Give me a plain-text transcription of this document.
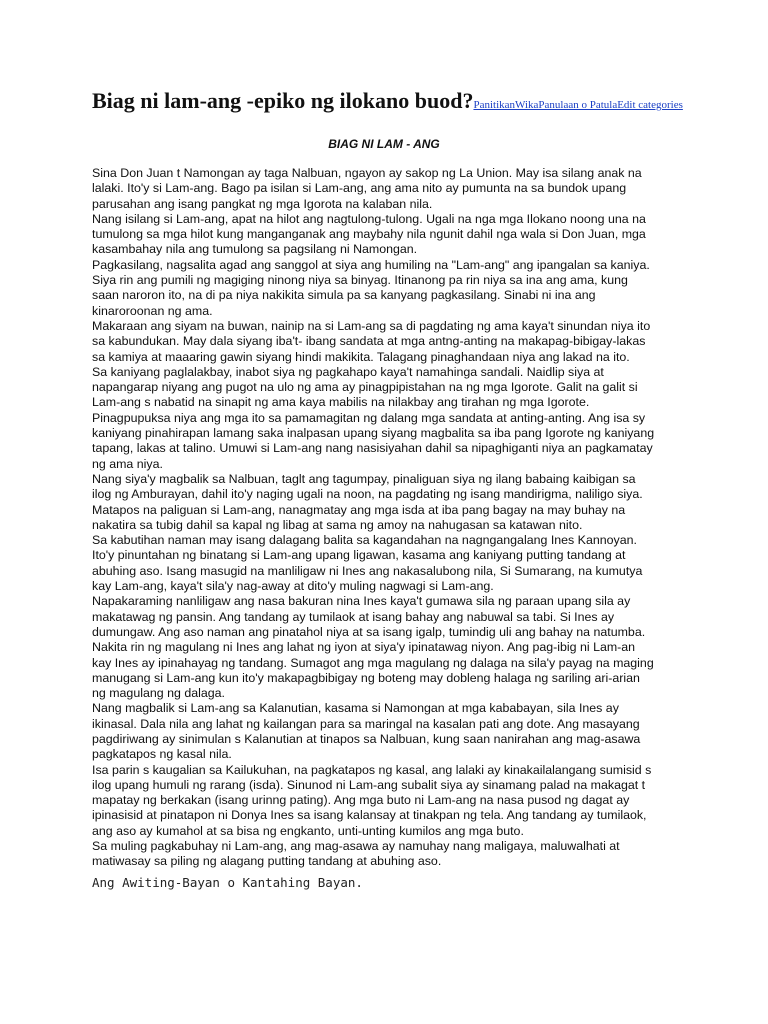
Biag ni lam-ang -epiko ng ilokano buod?PanitikanWikaPanulaan o PatulaEdit categories
BIAG NI LAM - ANG
Sina Don Juan t Namongan ay taga Nalbuan, ngayon ay sakop ng La Union. May isa silang anak na
lalaki. Ito'y si Lam-ang. Bago pa isilan si Lam-ang, ang ama nito ay pumunta na sa bundok upang
parusahan ang isang pangkat ng mga Igorota na kalaban nila.
Nang isilang si Lam-ang, apat na hilot ang nagtulong-tulong. Ugali na nga mga Ilokano noong una na
tumulong sa mga hilot kung manganganak ang maybahy nila ngunit dahil nga wala si Don Juan, mga
kasambahay nila ang tumulong sa pagsilang ni Namongan.
Pagkasilang, nagsalita agad ang sanggol at siya ang humiling na "Lam-ang" ang ipangalan sa kaniya.
Siya rin ang pumili ng magiging ninong niya sa binyag. Itinanong pa rin niya sa ina ang ama, kung
saan naroron ito, na di pa niya nakikita simula pa sa kanyang pagkasilang. Sinabi ni ina ang
kinaroroonan ng ama.
Makaraan ang siyam na buwan, nainip na si Lam-ang sa di pagdating ng ama kaya't sinundan niya ito
sa kabundukan. May dala siyang iba't- ibang sandata at mga antng-anting na makapag-bibigay-lakas
sa kamiya at maaaring gawin siyang hindi makikita. Talagang pinaghandaan niya ang lakad na ito.
Sa kaniyang paglalakbay, inabot siya ng pagkahapo kaya't namahinga sandali. Naidlip siya at
napangarap niyang ang pugot na ulo ng ama ay pinagpipistahan na ng mga Igorote. Galit na galit si
Lam-ang s nabatid na sinapit ng ama kaya mabilis na nilakbay ang tirahan ng mga Igorote.
Pinagpupuksa niya ang mga ito sa pamamagitan ng dalang mga sandata at anting-anting. Ang isa sy
kaniyang pinahirapan lamang saka inalpasan upang siyang magbalita sa iba pang Igorote ng kaniyang
tapang, lakas at talino. Umuwi si Lam-ang nang nasisiyahan dahil sa nipaghiganti niya an pagkamatay
ng ama niya.
Nang siya'y magbalik sa Nalbuan, taglt ang tagumpay, pinaliguan siya ng ilang babaing kaibigan sa
ilog ng Amburayan, dahil ito'y naging ugali na noon, na pagdating ng isang mandirigma, naliligo siya.
Matapos na paliguan si Lam-ang, nanagmatay ang mga isda at iba pang bagay na may buhay na
nakatira sa tubig dahil sa kapal ng libag at sama ng amoy na nahugasan sa katawan nito.
Sa kabutihan naman may isang dalagang balita sa kagandahan na nagngangalang Ines Kannoyan.
Ito'y pinuntahan ng binatang si Lam-ang upang ligawan, kasama ang kaniyang putting tandang at
abuhing aso. Isang masugid na manliligaw ni Ines ang nakasalubong nila, Si Sumarang, na kumutya
kay Lam-ang, kaya't sila'y nag-away at dito'y muling nagwagi si Lam-ang.
Napakaraming nanliligaw ang nasa bakuran nina Ines kaya't gumawa sila ng paraan upang sila ay
makatawag ng pansin. Ang tandang ay tumilaok at isang bahay ang nabuwal sa tabi. Si Ines ay
dumungaw. Ang aso naman ang pinatahol niya at sa isang igalp, tumindig uli ang bahay na natumba.
Nakita rin ng magulang ni Ines ang lahat ng iyon at siya'y ipinatawag niyon. Ang pag-ibig ni Lam-an
kay Ines ay ipinahayag ng tandang. Sumagot ang mga magulang ng dalaga na sila'y payag na maging
manugang si Lam-ang kun ito'y makapagbibigay ng boteng may dobleng halaga ng sariling ari-arian
ng magulang ng dalaga.
Nang magbalik si Lam-ang sa Kalanutian, kasama si Namongan at mga kababayan, sila Ines ay
ikinasal. Dala nila ang lahat ng kailangan para sa maringal na kasalan pati ang dote. Ang masayang
pagdiriwang ay sinimulan s Kalanutian at tinapos sa Nalbuan, kung saan nanirahan ang mag-asawa
pagkatapos ng kasal nila.
Isa parin s kaugalian sa Kailukuhan, na pagkatapos ng kasal, ang lalaki ay kinakailalangang sumisid s
ilog upang humuli ng rarang (isda). Sinunod ni Lam-ang subalit siya ay sinamang palad na makagat t
mapatay ng berkakan (isang urinng pating). Ang mga buto ni Lam-ang na nasa pusod ng dagat ay
ipinasisid at pinatapon ni Donya Ines sa isang kalansay at tinakpan ng tela. Ang tandang ay tumilaok,
ang aso ay kumahol at sa bisa ng engkanto, unti-unting kumilos ang mga buto.
Sa muling pagkabuhay ni Lam-ang, ang mag-asawa ay namuhay nang maligaya, maluwalhati at
matiwasay sa piling ng alagang putting tandang at abuhing aso.
Ang Awiting-Bayan o Kantahing Bayan.
